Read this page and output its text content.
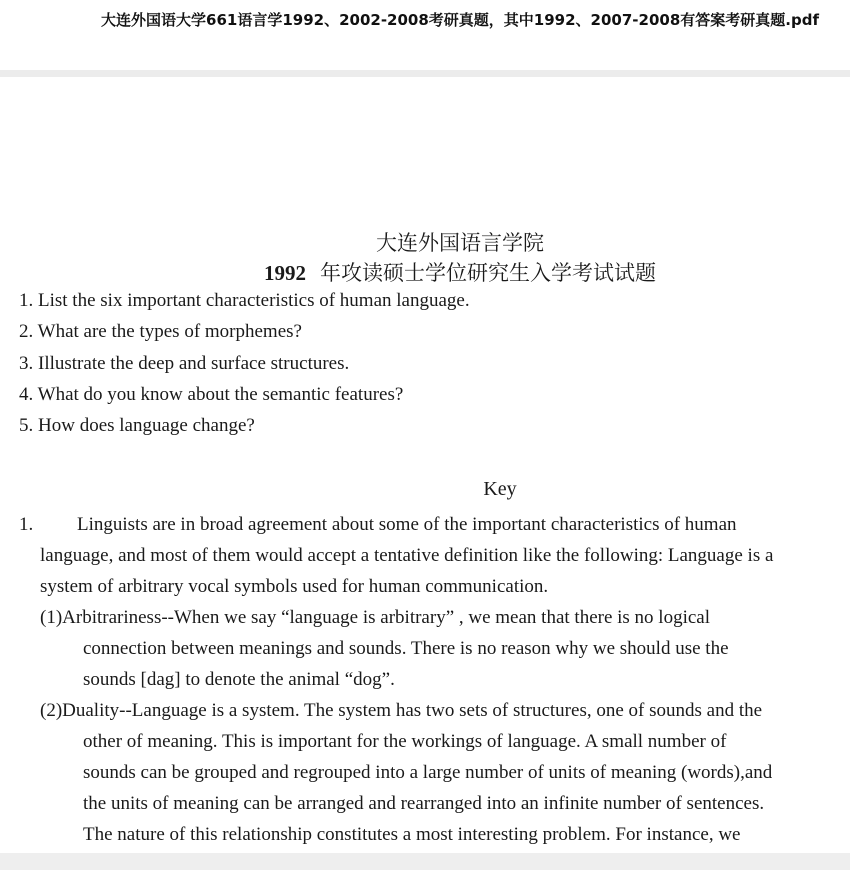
大连外国语大学661语言学1992、2002-2008考研真题，其中1992、2007-2008有答案考研真题.pdf
大连外国语言学院
1992 年攻读硕士学位研究生入学考试试题
1. List the six important characteristics of human language.
2. What are the types of morphemes?
3. Illustrate the deep and surface structures.
4. What do you know about the semantic features?
5. How does language change?
Key
1. Linguists are in broad agreement about some of the important characteristics of human
language, and most of them would accept a tentative definition like the following: Language is a
system of arbitrary vocal symbols used for human communication.
(1)Arbitrariness--When we say “language is arbitrary” , we mean that there is no logical
connection between meanings and sounds. There is no reason why we should use the
sounds [dag] to denote the animal “dog”.
(2)Duality--Language is a system. The system has two sets of structures, one of sounds and the
other of meaning. This is important for the workings of language. A small number of
sounds can be grouped and regrouped into a large number of units of meaning (words),and
the units of meaning can be arranged and rearranged into an infinite number of sentences.
The nature of this relationship constitutes a most interesting problem. For instance, we
